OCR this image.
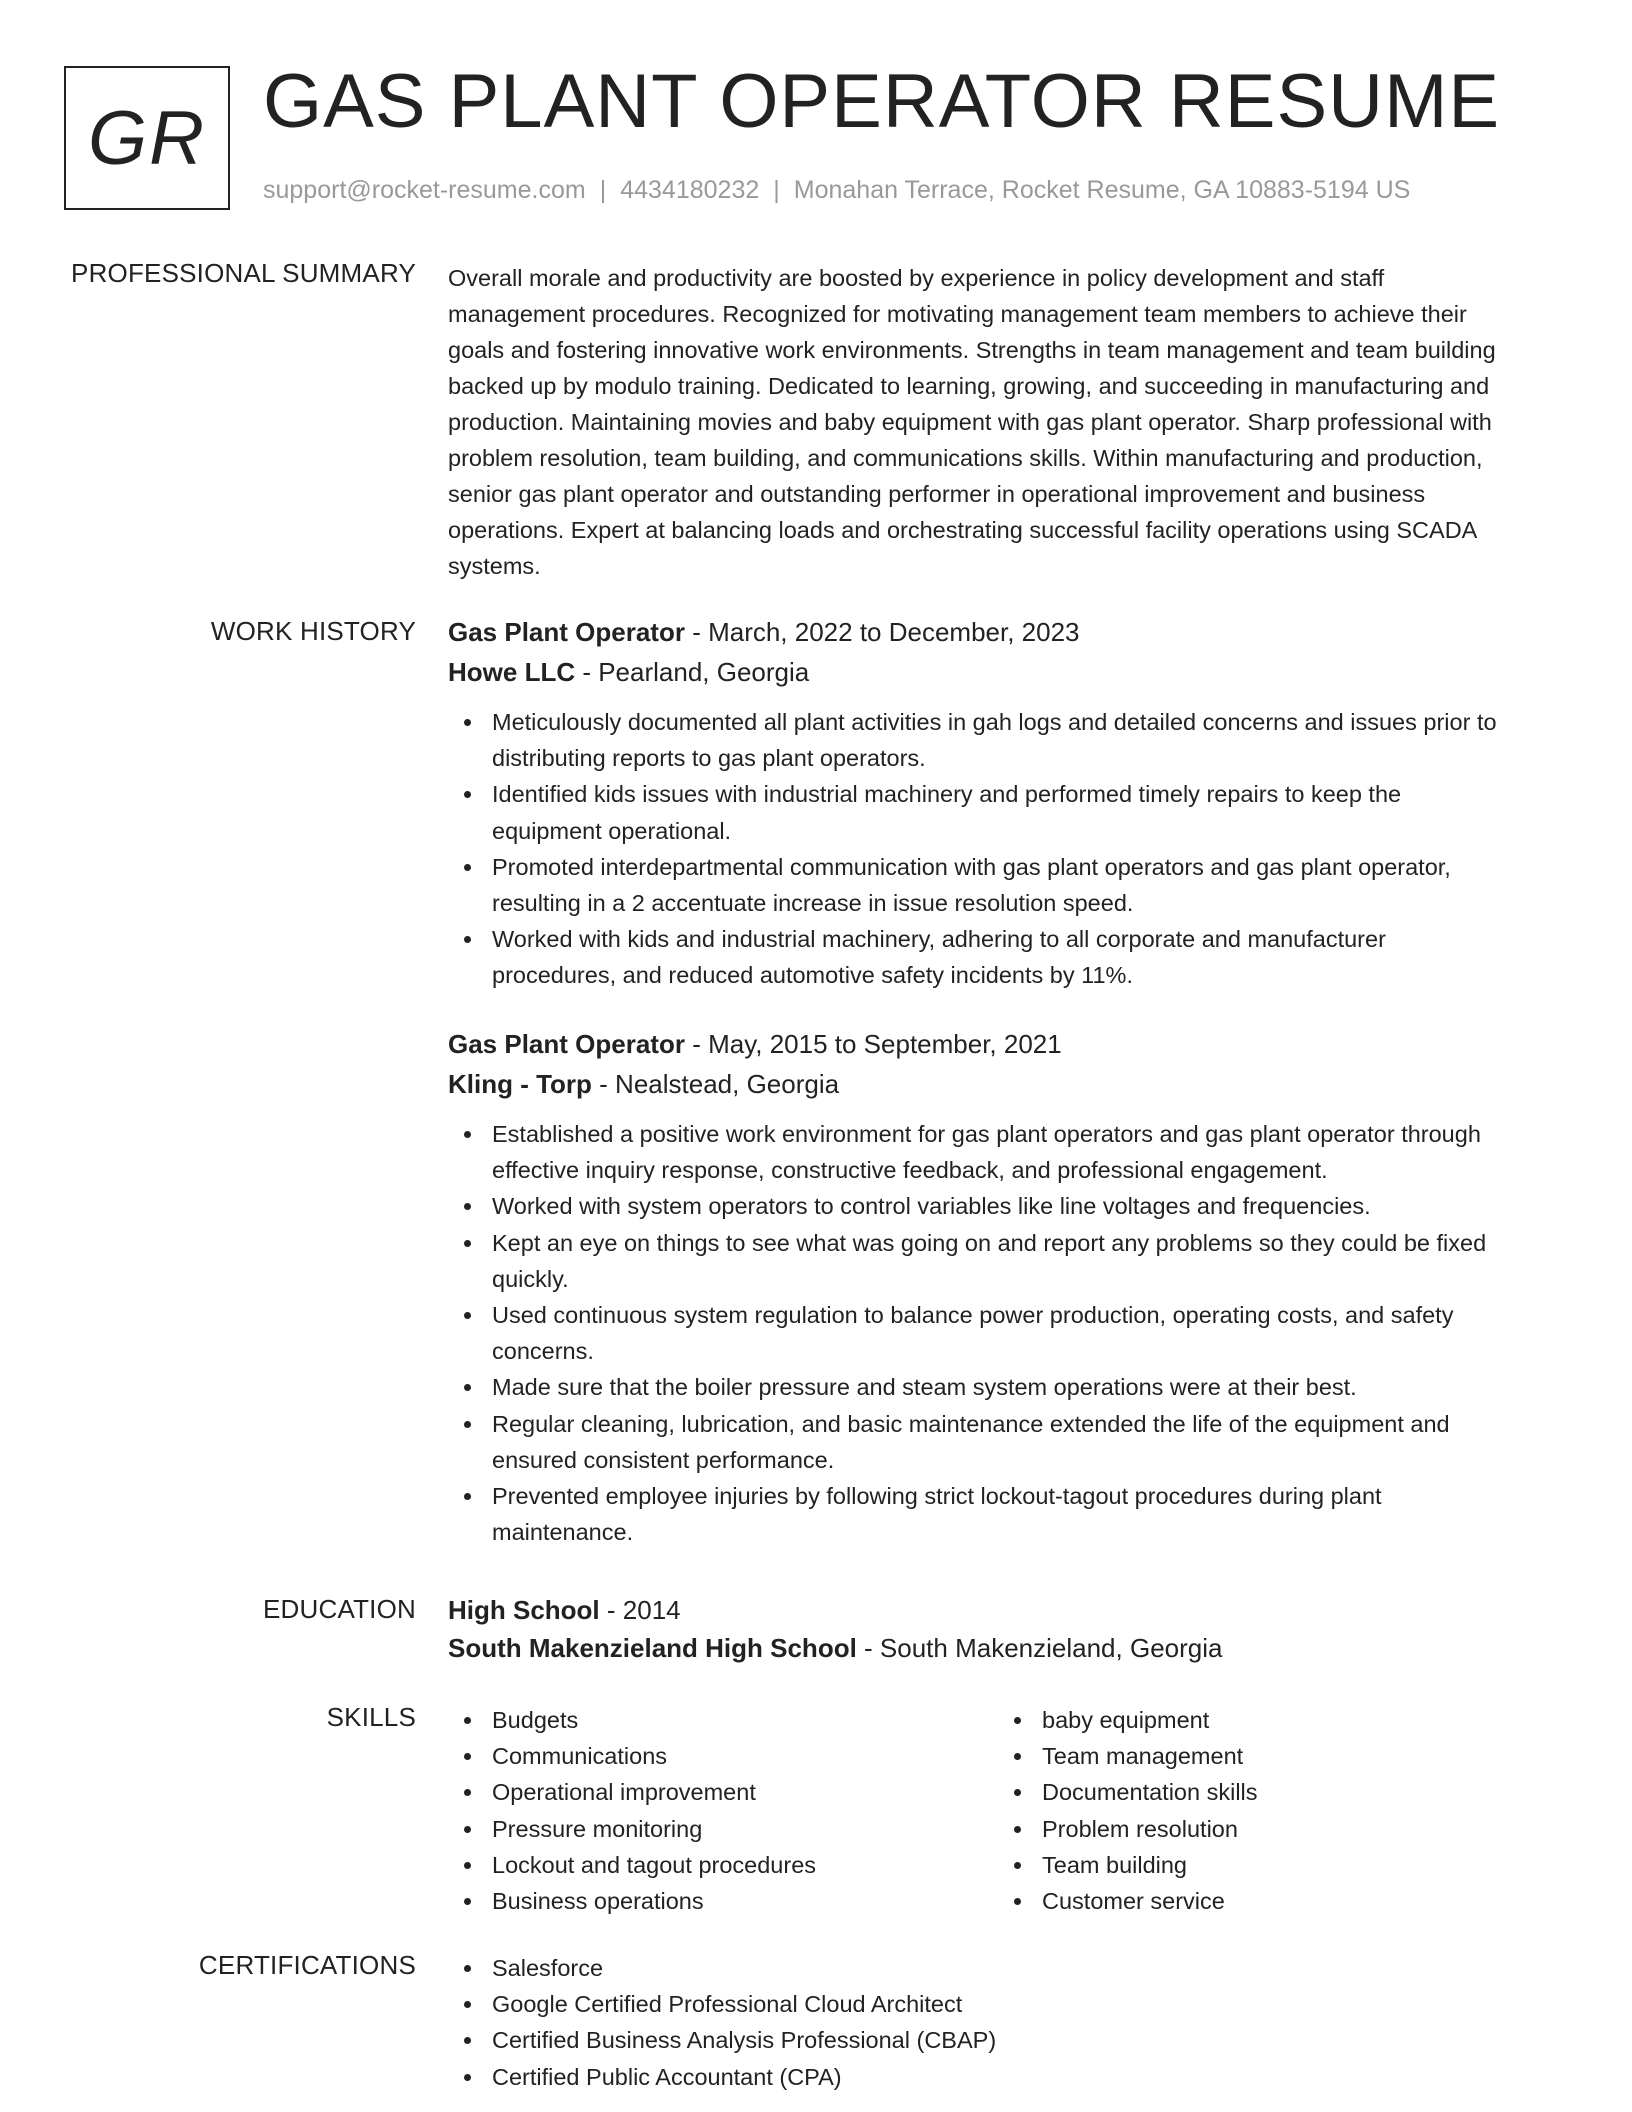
GR GAS PLANT OPERATOR RESUME
support@rocket-resume.com | 4434180232 | Monahan Terrace, Rocket Resume, GA 10883-5194 US
PROFESSIONAL SUMMARY Overall morale and productivity are boosted by experience in policy development and staff
management procedures. Recognized for motivating management team members to achieve their
goals and fostering innovative work environments. Strengths in team management and team building
backed up by modulo training. Dedicated to learning, growing, and succeeding in manufacturing and
production. Maintaining movies and baby equipment with gas plant operator. Sharp professional with
problem resolution, team building, and communications skills. Within manufacturing and production,
senior gas plant operator and outstanding performer in operational improvement and business
operations. Expert at balancing loads and orchestrating successful facility operations using SCADA
systems.
WORK HISTORY Gas Plant Operator - March, 2022 to December, 2023
Howe LLC - Pearland, Georgia
Meticulously documented all plant activities in gah logs and detailed concerns and issues prior to
distributing reports to gas plant operators.
Identified kids issues with industrial machinery and performed timely repairs to keep the
equipment operational.
Promoted interdepartmental communication with gas plant operators and gas plant operator,
resulting in a 2 accentuate increase in issue resolution speed.
Worked with kids and industrial machinery, adhering to all corporate and manufacturer
procedures, and reduced automotive safety incidents by 11%.
Gas Plant Operator - May, 2015 to September, 2021
Kling - Torp - Nealstead, Georgia
Established a positive work environment for gas plant operators and gas plant operator through
effective inquiry response, constructive feedback, and professional engagement.
Worked with system operators to control variables like line voltages and frequencies.
Kept an eye on things to see what was going on and report any problems so they could be fixed
quickly.
Used continuous system regulation to balance power production, operating costs, and safety
concerns.
Made sure that the boiler pressure and steam system operations were at their best.
Regular cleaning, lubrication, and basic maintenance extended the life of the equipment and
ensured consistent performance.
Prevented employee injuries by following strict lockout-tagout procedures during plant
maintenance.
EDUCATION High School - 2014
South Makenzieland High School - South Makenzieland, Georgia
SKILLS	Budgets
Communications
Operational improvement
Pressure monitoring
Lockout and tagout procedures
Business operations
baby equipment
Team management
Documentation skills
Problem resolution
Team building
Customer service
CERTIFICATIONS	Salesforce
Google Certified Professional Cloud Architect
Certified Business Analysis Professional (CBAP)
Certified Public Accountant (CPA)
